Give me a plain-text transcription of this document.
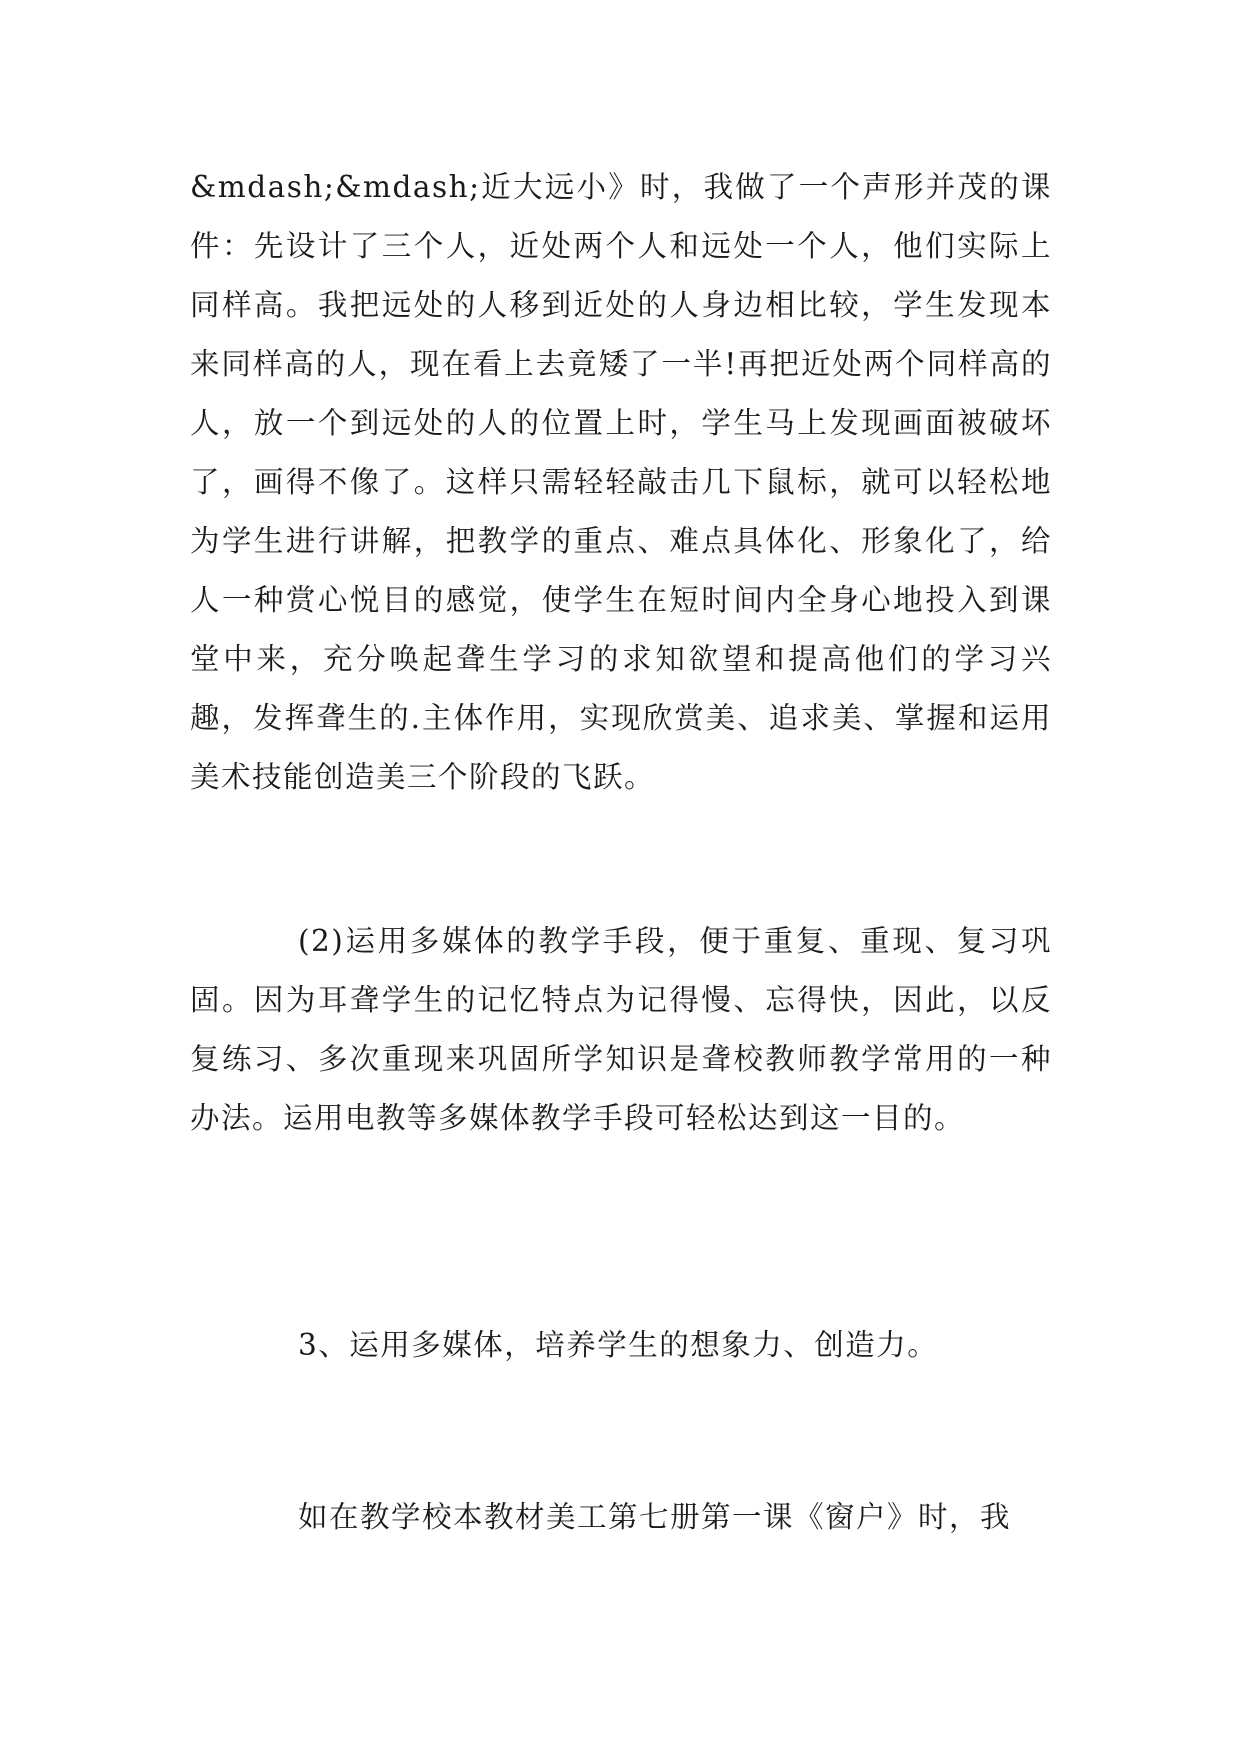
&mdash;&mdash;近大远小》时，我做了一个声形并茂的课件：先设计了三个人，近处两个人和远处一个人，他们实际上同样高。我把远处的人移到近处的人身边相比较，学生发现本来同样高的人，现在看上去竟矮了一半!再把近处两个同样高的人，放一个到远处的人的位置上时，学生马上发现画面被破坏了，画得不像了。这样只需轻轻敲击几下鼠标，就可以轻松地为学生进行讲解，把教学的重点、难点具体化、形象化了，给人一种赏心悦目的感觉，使学生在短时间内全身心地投入到课堂中来，充分唤起聋生学习的求知欲望和提高他们的学习兴趣，发挥聋生的.主体作用，实现欣赏美、追求美、掌握和运用美术技能创造美三个阶段的飞跃。

(2)运用多媒体的教学手段，便于重复、重现、复习巩固。因为耳聋学生的记忆特点为记得慢、忘得快，因此，以反复练习、多次重现来巩固所学知识是聋校教师教学常用的一种办法。运用电教等多媒体教学手段可轻松达到这一目的。

3、运用多媒体，培养学生的想象力、创造力。

如在教学校本教材美工第七册第一课《窗户》时，我
